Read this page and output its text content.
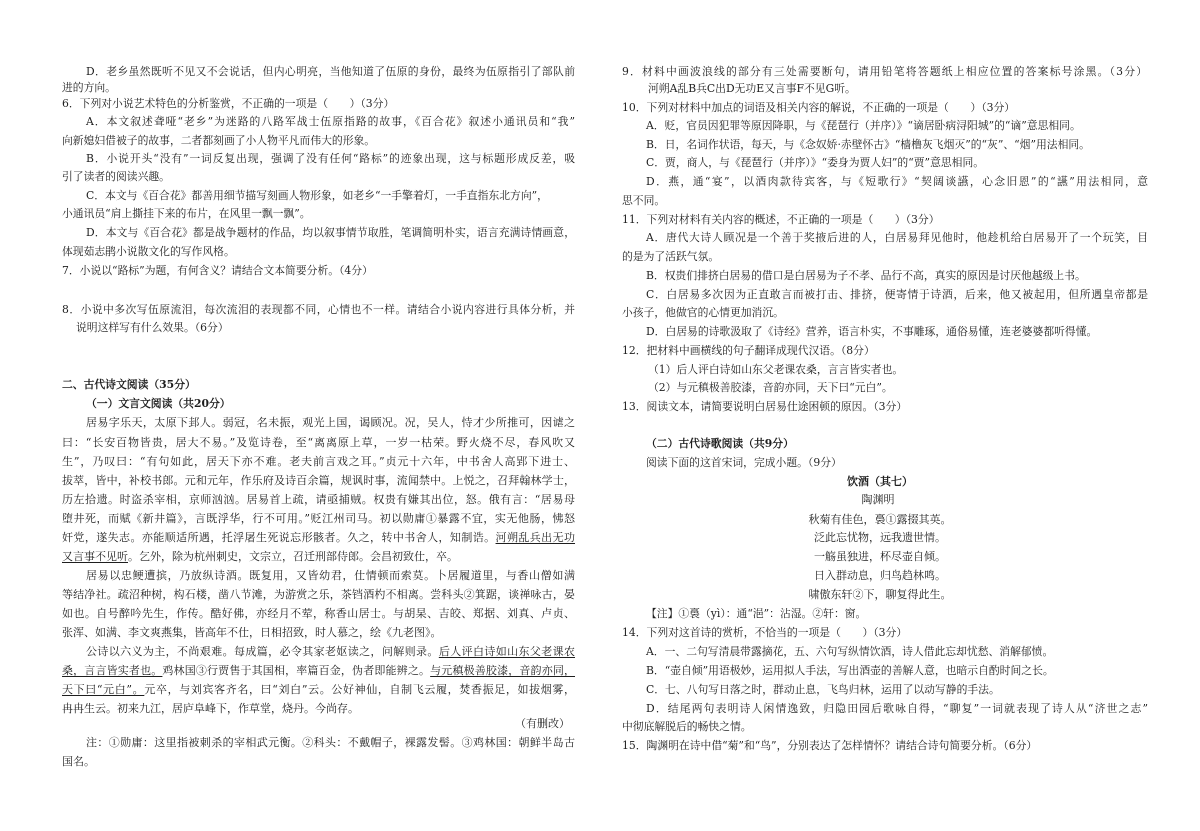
D．老乡虽然既听不见又不会说话，但内心明亮，当他知道了伍原的身份，最终为伍原指引了部队前
进的方向。
6．下列对小说艺术特色的分析鉴赏，不正确的一项是（　　）（3分）
A．本文叙述聋哑“老乡”为迷路的八路军战士伍原指路的故事，《百合花》叙述小通讯员和“我”
向新媳妇借被子的故事，二者都刻画了小人物平凡而伟大的形象。
B．小说开头“没有”一词反复出现，强调了没有任何“路标”的迹象出现，这与标题形成反差，吸
引了读者的阅读兴趣。
C．本文与《百合花》都善用细节描写刻画人物形象，如老乡“一手擎着灯，一手直指东北方向”，
小通讯员“肩上撕挂下来的布片，在风里一飘一飘”。
D．本文与《百合花》都是战争题材的作品，均以叙事情节取胜，笔调简明朴实，语言充满诗情画意，
体现茹志鹃小说散文化的写作风格。
7．小说以“路标”为题，有何含义？请结合文本简要分析。（4分）
8．小说中多次写伍原流泪，每次流泪的表现都不同，心情也不一样。请结合小说内容进行具体分析，并
说明这样写有什么效果。（6分）
二、古代诗文阅读（35分）
（一）文言文阅读（共20分）
居易字乐天，太原下邽人。弱冠，名未振，观光上国，谒顾况。况，吴人，恃才少所推可，因谑之
曰：“长安百物皆贵，居大不易。”及览诗卷，至“离离原上草，一岁一枯荣。野火烧不尽，春风吹又
生”，乃叹曰：“有句如此，居天下亦不难。老夫前言戏之耳。”贞元十六年，中书舍人高郢下进士、
拔萃，皆中，补校书郎。元和元年，作乐府及诗百余篇，规讽时事，流闻禁中。上悦之，召拜翰林学士，
历左拾遗。时盗杀宰相，京师汹汹。居易首上疏，请亟捕贼。权贵有嫌其出位，怒。俄有言：“居易母
堕井死，而赋《新井篇》，言既浮华，行不可用。”贬江州司马。初以勋庸①暴露不宜，实无他肠，怫怒
奸党，遂失志。亦能顺适所遇，托浮屠生死说忘形骸者。久之，转中书舍人，知制诰。河朔乱兵出无功
又言事不见听。乞外，除为杭州刺史，文宗立，召迁刑部侍郎。会昌初致仕，卒。
居易以忠鲠遭摈，乃放纵诗酒。既复用，又皆幼君，仕情顿而索莫。卜居履道里，与香山僧如满
等结净社。疏沼种树，构石楼，凿八节滩，为游赏之乐，茶铛酒杓不相离。尝科头②箕踞，谈禅咏古，晏
如也。自号醉吟先生，作传。酷好佛，亦经月不荤，称香山居士。与胡杲、吉皎、郑据、刘真、卢贞、
张浑、如满、李文爽燕集，皆高年不仕，日相招致，时人慕之，绘《九老图》。
公诗以六义为主，不尚艰难。每成篇，必令其家老妪读之，问解则录。后人评白诗如山东父老课农
桑，言言皆实者也。鸡林国③行贾售于其国相，率篇百金，伪者即能辨之。与元稹极善胶漆，音韵亦同，
天下曰“元白”。元卒，与刘宾客齐名，曰“刘白”云。公好神仙，自制飞云履，焚香振足，如拔烟雾，
冉冉生云。初来九江，居庐阜峰下，作草堂，烧丹。今尚存。
（有删改）
注：①勋庸：这里指被刺杀的宰相武元衡。②科头：不戴帽子，裸露发髻。③鸡林国：朝鲜半岛古
国名。
9．材料中画波浪线的部分有三处需要断句，请用铅笔将答题纸上相应位置的答案标号涂黑。（3分）
河朔A乱B兵C出D无功E又言事F不见G听。
10．下列对材料中加点的词语及相关内容的解说，不正确的一项是（　　）（3分）
A．贬，官员因犯罪等原因降职，与《琵琶行（并序）》“谪居卧病浔阳城”的“谪”意思相同。
B．日，名词作状语，每天，与《念奴娇·赤壁怀古》“樯橹灰飞烟灭”的“灰”、“烟”用法相同。
C．贾，商人，与《琵琶行（并序）》“委身为贾人妇”的“贾”意思相同。
D．燕，通“宴”，以酒肉款待宾客，与《短歌行》“契阔谈讌，心念旧恩”的“讌”用法相同，意
思不同。
11．下列对材料有关内容的概述，不正确的一项是（　　）（3分）
A．唐代大诗人顾况是一个善于奖掖后进的人，白居易拜见他时，他趁机给白居易开了一个玩笑，目
的是为了活跃气氛。
B．权贵们排挤白居易的借口是白居易为子不孝、品行不高，真实的原因是讨厌他越级上书。
C．白居易多次因为正直敢言而被打击、排挤，便寄情于诗酒，后来，他又被起用，但所遇皇帝都是
小孩子，他做官的心情更加消沉。
D．白居易的诗歌汲取了《诗经》营养，语言朴实，不事雕琢，通俗易懂，连老婆婆都听得懂。
12．把材料中画横线的句子翻译成现代汉语。（8分）
（1）后人评白诗如山东父老课农桑，言言皆实者也。
（2）与元稹极善胶漆，音韵亦同，天下曰“元白”。
13．阅读文本，请简要说明白居易仕途困顿的原因。（3分）
（二）古代诗歌阅读（共9分）
阅读下面的这首宋词，完成小题。（9分）
饮酒（其七）
陶渊明
秋菊有佳色，裛①露掇其英。
泛此忘忧物，远我遗世情。
一觞虽独进，杯尽壶自倾。
日入群动息，归鸟趋林鸣。
啸傲东轩②下，聊复得此生。
【注】①裛（yì）：通“浥”：沾湿。②轩：窗。
14．下列对这首诗的赏析，不恰当的一项是（　　）（3分）
A．一、二句写清晨带露摘花，五、六句写纵情饮酒，诗人借此忘却忧愁、消解郁愤。
B．“壶自倾”用语极妙，运用拟人手法，写出酒壶的善解人意，也暗示自酌时间之长。
C．七、八句写日落之时，群动止息，飞鸟归林，运用了以动写静的手法。
D．结尾两句表明诗人闲情逸致，归隐田园后歌咏自得，“聊复”一词就表现了诗人从“济世之志”
中彻底解脱后的畅快之情。
15．陶渊明在诗中借“菊”和“鸟”，分别表达了怎样情怀？请结合诗句简要分析。（6分）
